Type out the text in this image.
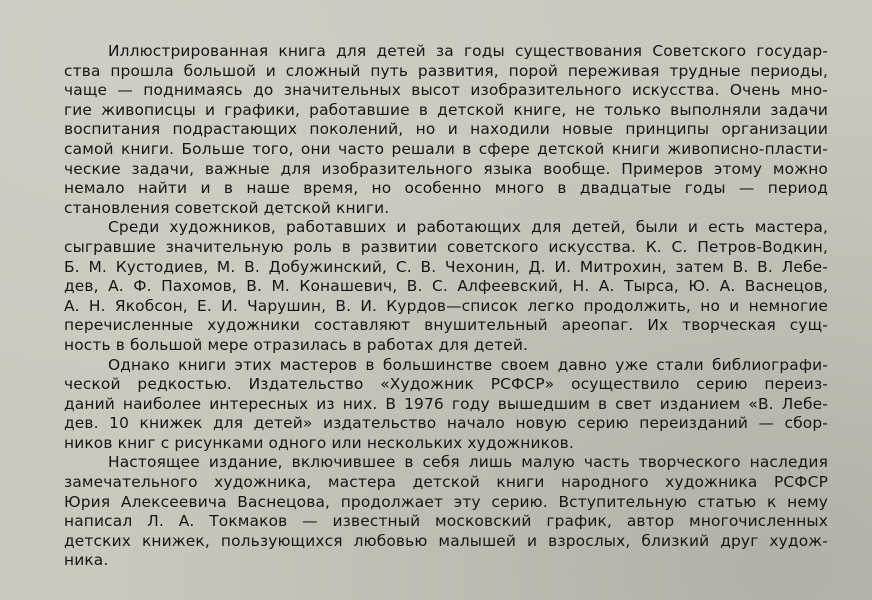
Иллюстрированная книга для детей за годы существования Советского государ-
ства прошла большой и сложный путь развития, порой переживая трудные периоды,
чаще — поднимаясь до значительных высот изобразительного искусства. Очень мно-
гие живописцы и графики, работавшие в детской книге, не только выполняли задачи
воспитания подрастающих поколений, но и находили новые принципы организации
самой книги. Больше того, они часто решали в сфере детской книги живописно-пласти-
ческие задачи, важные для изобразительного языка вообще. Примеров этому можно
немало найти и в наше время, но особенно много в двадцатые годы — период
становления советской детской книги.

Среди художников, работавших и работающих для детей, были и есть мастера,
сыгравшие значительную роль в развитии советского искусства. К. С. Петров-Водкин,
Б. М. Кустодиев, М. В. Добужинский, С. В. Чехонин, Д. И. Митрохин, затем В. В. Лебе-
дев, А. Ф. Пахомов, В. М. Конашевич, В. С. Алфеевский, Н. А. Тырса, Ю. А. Васнецов,
А. Н. Якобсон, Е. И. Чарушин, В. И. Курдов—список легко продолжить, но и немногие
перечисленные художники составляют внушительный ареопаг. Их творческая сущ-
ность в большой мере отразилась в работах для детей.

Однако книги этих мастеров в большинстве своем давно уже стали библиографи-
ческой редкостью. Издательство «Художник РСФСР» осуществило серию переиз-
даний наиболее интересных из них. В 1976 году вышедшим в свет изданием «В. Лебе-
дев. 10 книжек для детей» издательство начало новую серию переизданий — сбор-
ников книг с рисунками одного или нескольких художников.

Настоящее издание, включившее в себя лишь малую часть творческого наследия
замечательного художника, мастера детской книги народного художника РСФСР
Юрия Алексеевича Васнецова, продолжает эту серию. Вступительную статью к нему
написал Л. А. Токмаков — известный московский график, автор многочисленных
детских книжек, пользующихся любовью малышей и взрослых, близкий друг худож-
ника.
